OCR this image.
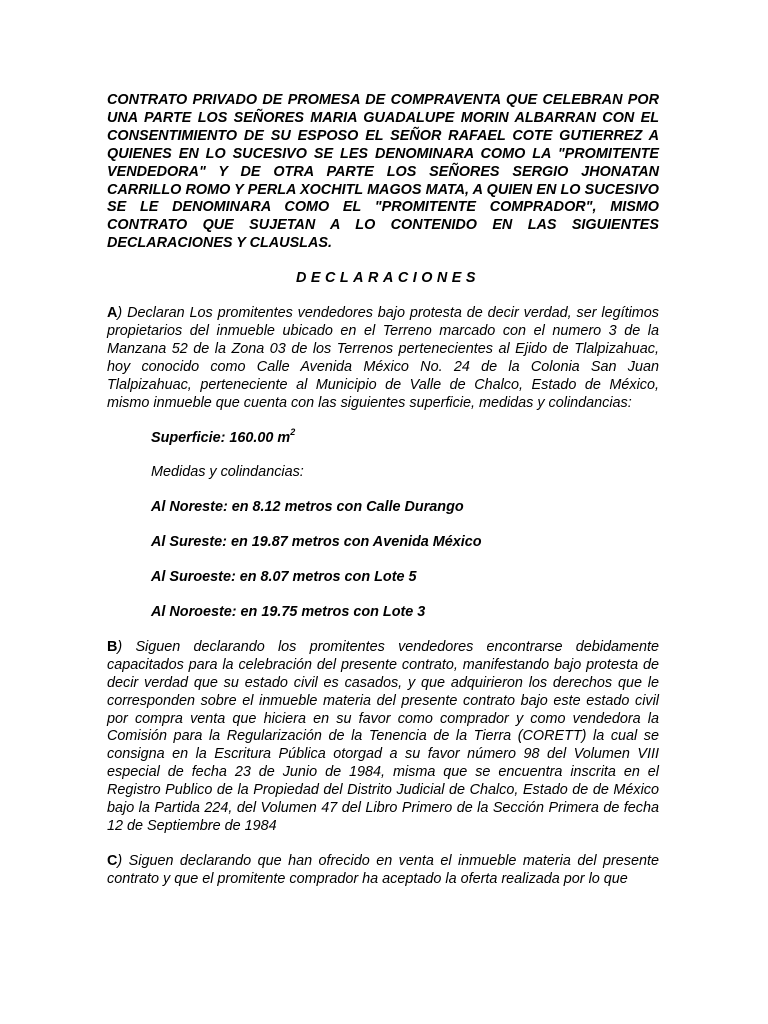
CONTRATO PRIVADO DE PROMESA DE COMPRAVENTA QUE CELEBRAN POR UNA PARTE LOS SEÑORES MARIA GUADALUPE MORIN ALBARRAN CON EL CONSENTIMIENTO DE SU ESPOSO EL SEÑOR RAFAEL COTE GUTIERREZ A QUIENES EN LO SUCESIVO SE LES DENOMINARA COMO LA "PROMITENTE VENDEDORA" Y DE OTRA PARTE LOS SEÑORES SERGIO JHONATAN CARRILLO ROMO Y PERLA XOCHITL MAGOS MATA, A QUIEN EN LO SUCESIVO SE LE DENOMINARA COMO EL "PROMITENTE COMPRADOR", MISMO CONTRATO QUE SUJETAN A LO CONTENIDO EN LAS SIGUIENTES DECLARACIONES Y CLAUSLAS.

DECLARACIONES

A) Declaran Los promitentes vendedores bajo protesta de decir verdad, ser legítimos propietarios del inmueble ubicado en el Terreno marcado con el numero 3 de la Manzana 52 de la Zona 03 de los Terrenos pertenecientes al Ejido de Tlalpizahuac, hoy conocido como Calle Avenida México No. 24 de la Colonia San Juan Tlalpizahuac, perteneciente al Municipio de Valle de Chalco, Estado de México, mismo inmueble que cuenta con las siguientes superficie, medidas y colindancias:

Superficie: 160.00 $m^2$

Medidas y colindancias:

Al Noreste: en 8.12 metros con Calle Durango

Al Sureste: en 19.87 metros con Avenida México

Al Suroeste: en 8.07 metros con Lote 5

Al Noroeste: en 19.75 metros con Lote 3

B) Siguen declarando los promitentes vendedores encontrarse debidamente capacitados para la celebración del presente contrato, manifestando bajo protesta de decir verdad que su estado civil es casados, y que adquirieron los derechos que le corresponden sobre el inmueble materia del presente contrato bajo este estado civil por compra venta que hiciera en su favor como comprador y como vendedora la Comisión para la Regularización de la Tenencia de la Tierra (CORETT) la cual se consigna en la Escritura Pública otorgad a su favor número 98 del Volumen VIII especial de fecha 23 de Junio de 1984, misma que se encuentra inscrita en el Registro Publico de la Propiedad del Distrito Judicial de Chalco, Estado de de México bajo la Partida 224, del Volumen 47 del Libro Primero de la Sección Primera de fecha 12 de Septiembre de 1984

C) Siguen declarando que han ofrecido en venta el inmueble materia del presente contrato y que el promitente comprador ha aceptado la oferta realizada por lo que
